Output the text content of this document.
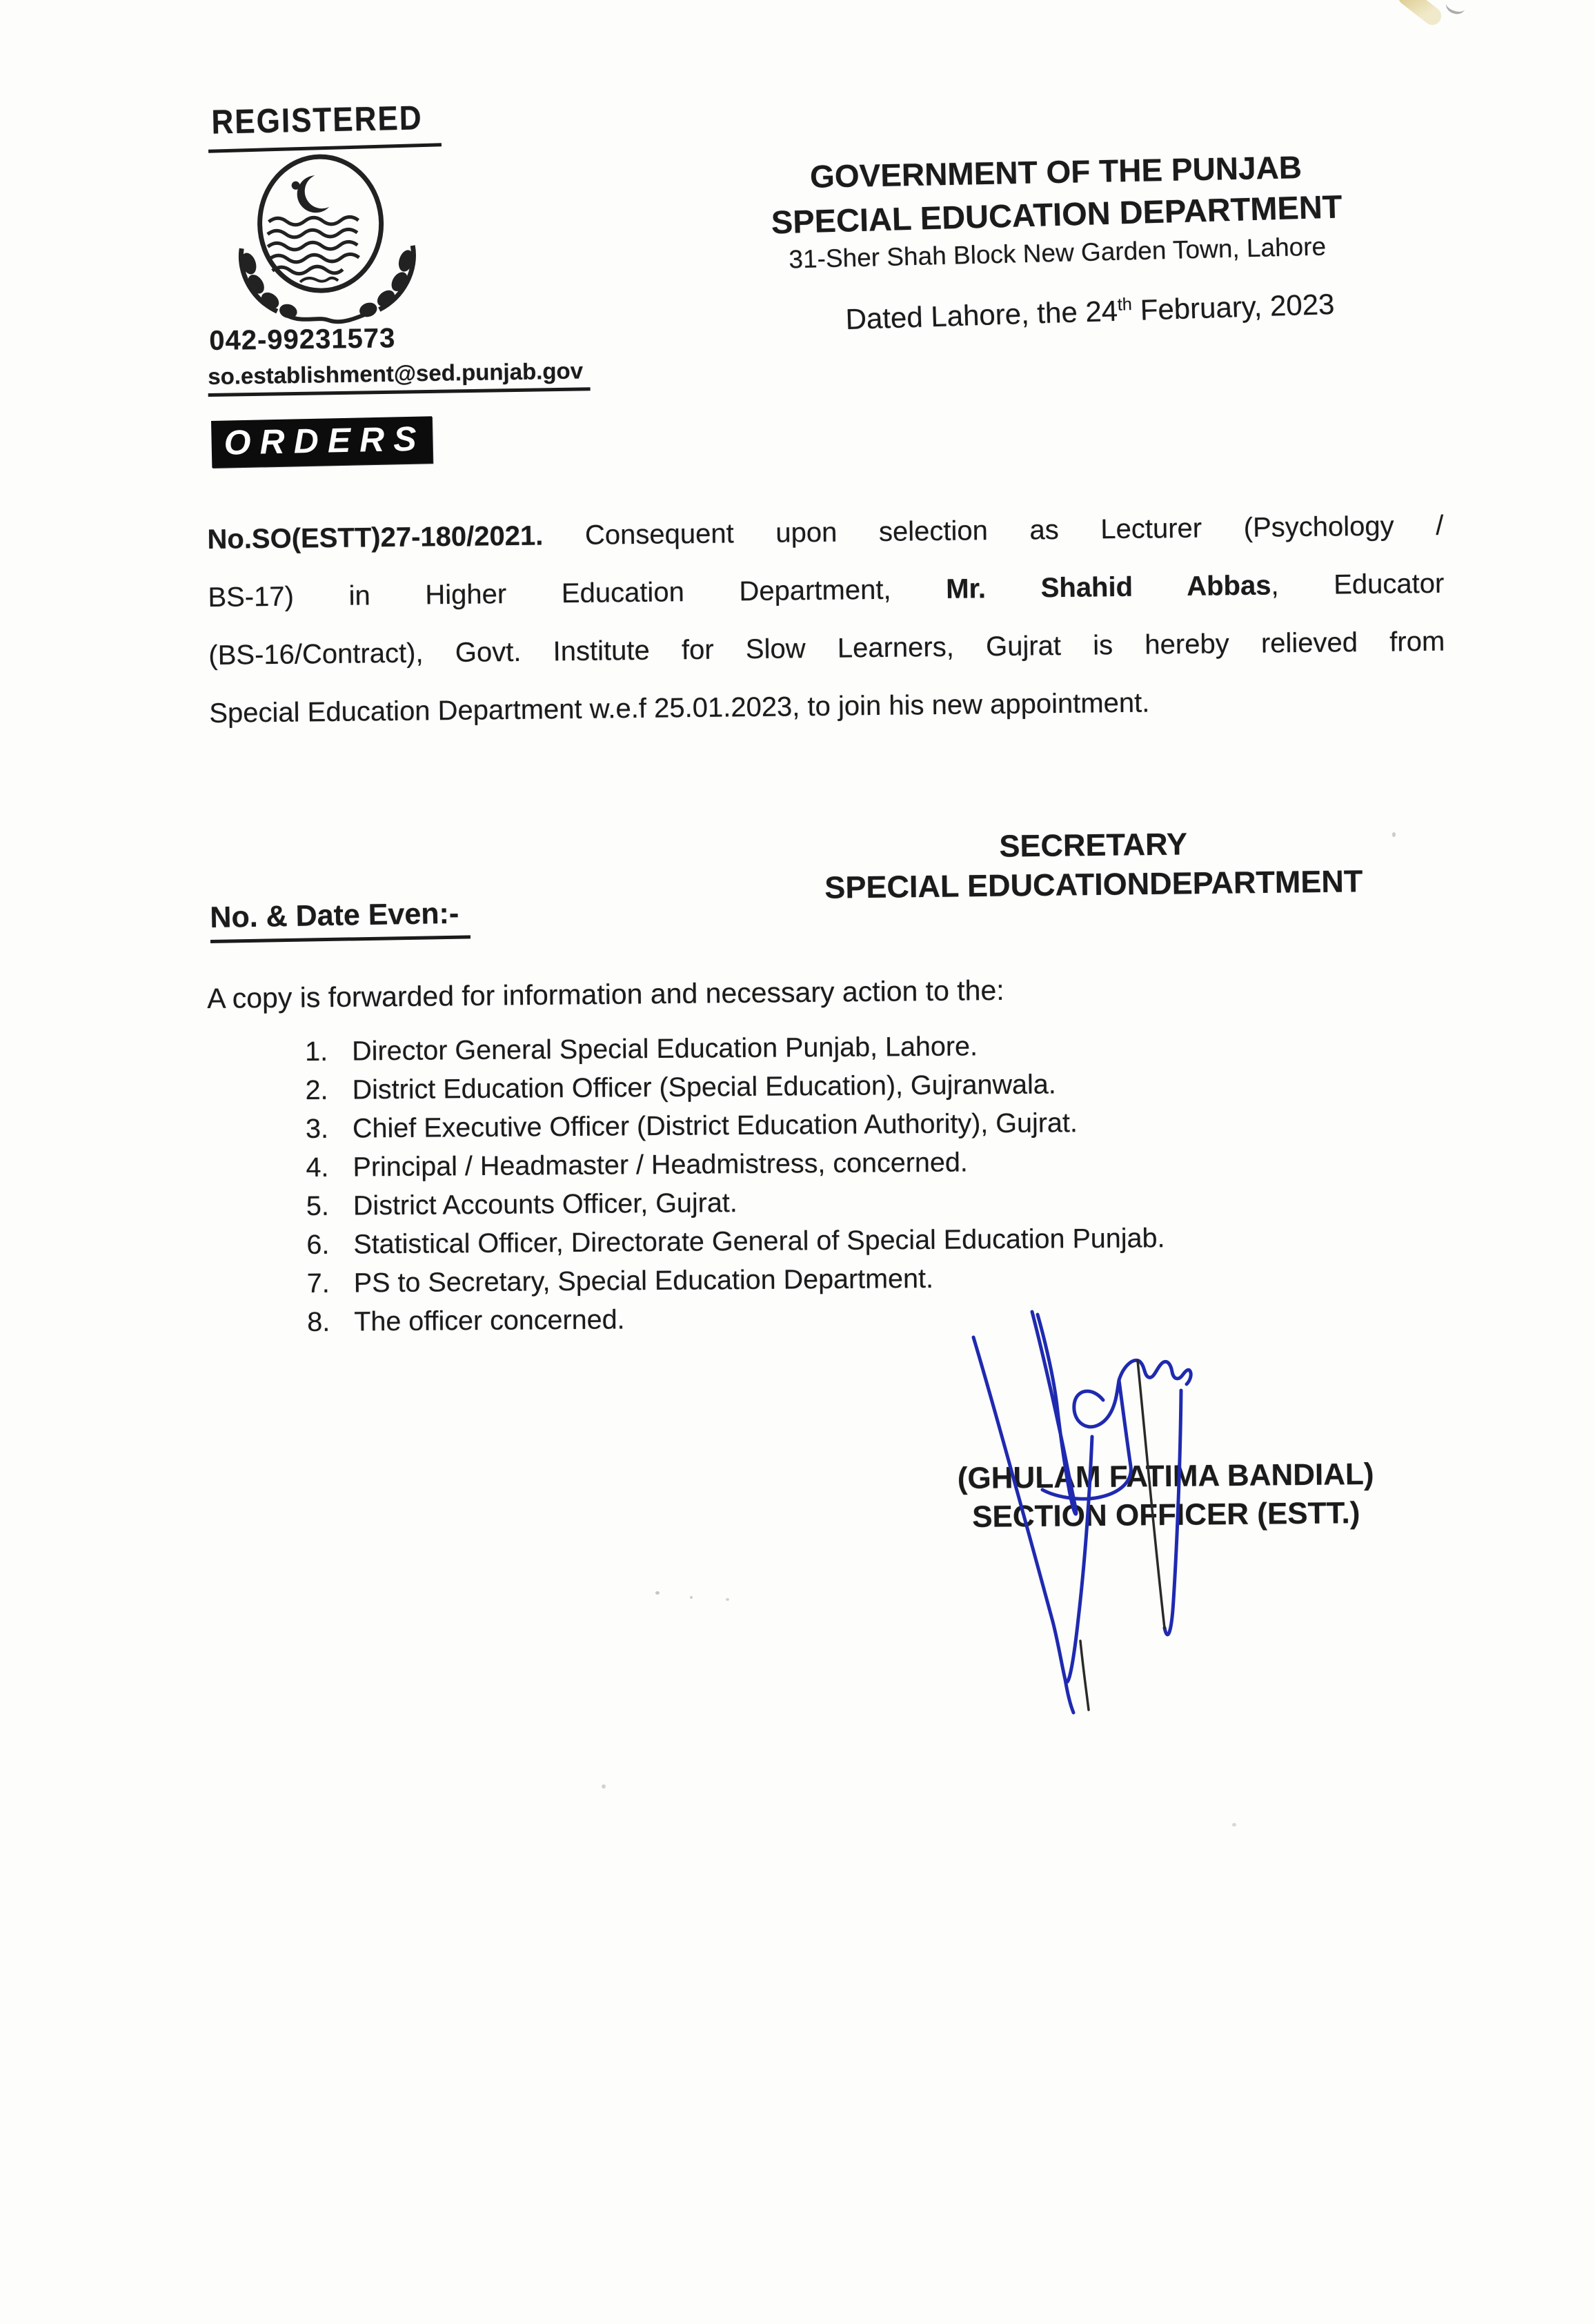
REGISTERED
042-99231573
so.establishment@sed.punjab.gov
GOVERNMENT OF THE PUNJAB
SPECIAL EDUCATION DEPARTMENT
31-Sher Shah Block New Garden Town, Lahore
Dated Lahore, the 24th February, 2023
ORDERS
No.SO(ESTT)27-180/2021. Consequent upon selection as Lecturer (Psychology /
BS-17) in Higher Education Department, Mr. Shahid Abbas, Educator
(BS-16/Contract), Govt. Institute for Slow Learners, Gujrat is hereby relieved from
Special Education Department w.e.f 25.01.2023, to join his new appointment.
SECRETARY
SPECIAL EDUCATIONDEPARTMENT
No. & Date Even:-
A copy is forwarded for information and necessary action to the:
1. Director General Special Education Punjab, Lahore.
2. District Education Officer (Special Education), Gujranwala.
3. Chief Executive Officer (District Education Authority), Gujrat.
4. Principal / Headmaster / Headmistress, concerned.
5. District Accounts Officer, Gujrat.
6. Statistical Officer, Directorate General of Special Education Punjab.
7. PS to Secretary, Special Education Department.
8. The officer concerned.
(GHULAM FATIMA BANDIAL)
SECTION OFFICER (ESTT.)
